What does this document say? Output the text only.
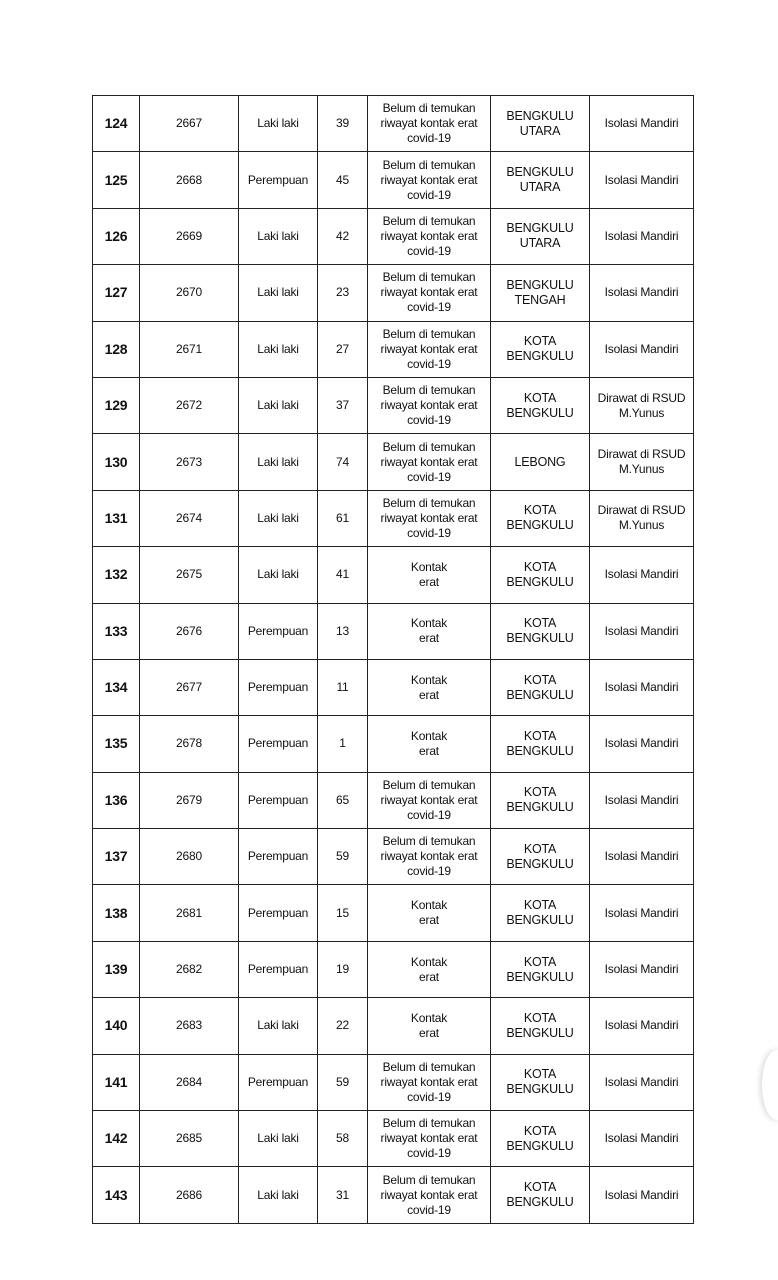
124	2667	Laki laki	39	Belum di temukan
riwayat kontak erat
covid-19	BENGKULU
UTARA	Isolasi Mandiri
125	2668	Perempuan	45	Belum di temukan
riwayat kontak erat
covid-19	BENGKULU
UTARA	Isolasi Mandiri
126	2669	Laki laki	42	Belum di temukan
riwayat kontak erat
covid-19	BENGKULU
UTARA	Isolasi Mandiri
127	2670	Laki laki	23	Belum di temukan
riwayat kontak erat
covid-19	BENGKULU
TENGAH	Isolasi Mandiri
128	2671	Laki laki	27	Belum di temukan
riwayat kontak erat
covid-19	KOTA
BENGKULU	Isolasi Mandiri
129	2672	Laki laki	37	Belum di temukan
riwayat kontak erat
covid-19	KOTA
BENGKULU	Dirawat di RSUD
M.Yunus
130	2673	Laki laki	74	Belum di temukan
riwayat kontak erat
covid-19	LEBONG	Dirawat di RSUD
M.Yunus
131	2674	Laki laki	61	Belum di temukan
riwayat kontak erat
covid-19	KOTA
BENGKULU	Dirawat di RSUD
M.Yunus
132	2675	Laki laki	41	Kontak
erat	KOTA
BENGKULU	Isolasi Mandiri
133	2676	Perempuan	13	Kontak
erat	KOTA
BENGKULU	Isolasi Mandiri
134	2677	Perempuan	11	Kontak
erat	KOTA
BENGKULU	Isolasi Mandiri
135	2678	Perempuan	1	Kontak
erat	KOTA
BENGKULU	Isolasi Mandiri
136	2679	Perempuan	65	Belum di temukan
riwayat kontak erat
covid-19	KOTA
BENGKULU	Isolasi Mandiri
137	2680	Perempuan	59	Belum di temukan
riwayat kontak erat
covid-19	KOTA
BENGKULU	Isolasi Mandiri
138	2681	Perempuan	15	Kontak
erat	KOTA
BENGKULU	Isolasi Mandiri
139	2682	Perempuan	19	Kontak
erat	KOTA
BENGKULU	Isolasi Mandiri
140	2683	Laki laki	22	Kontak
erat	KOTA
BENGKULU	Isolasi Mandiri
141	2684	Perempuan	59	Belum di temukan
riwayat kontak erat
covid-19	KOTA
BENGKULU	Isolasi Mandiri
142	2685	Laki laki	58	Belum di temukan
riwayat kontak erat
covid-19	KOTA
BENGKULU	Isolasi Mandiri
143	2686	Laki laki	31	Belum di temukan
riwayat kontak erat
covid-19	KOTA
BENGKULU	Isolasi Mandiri
